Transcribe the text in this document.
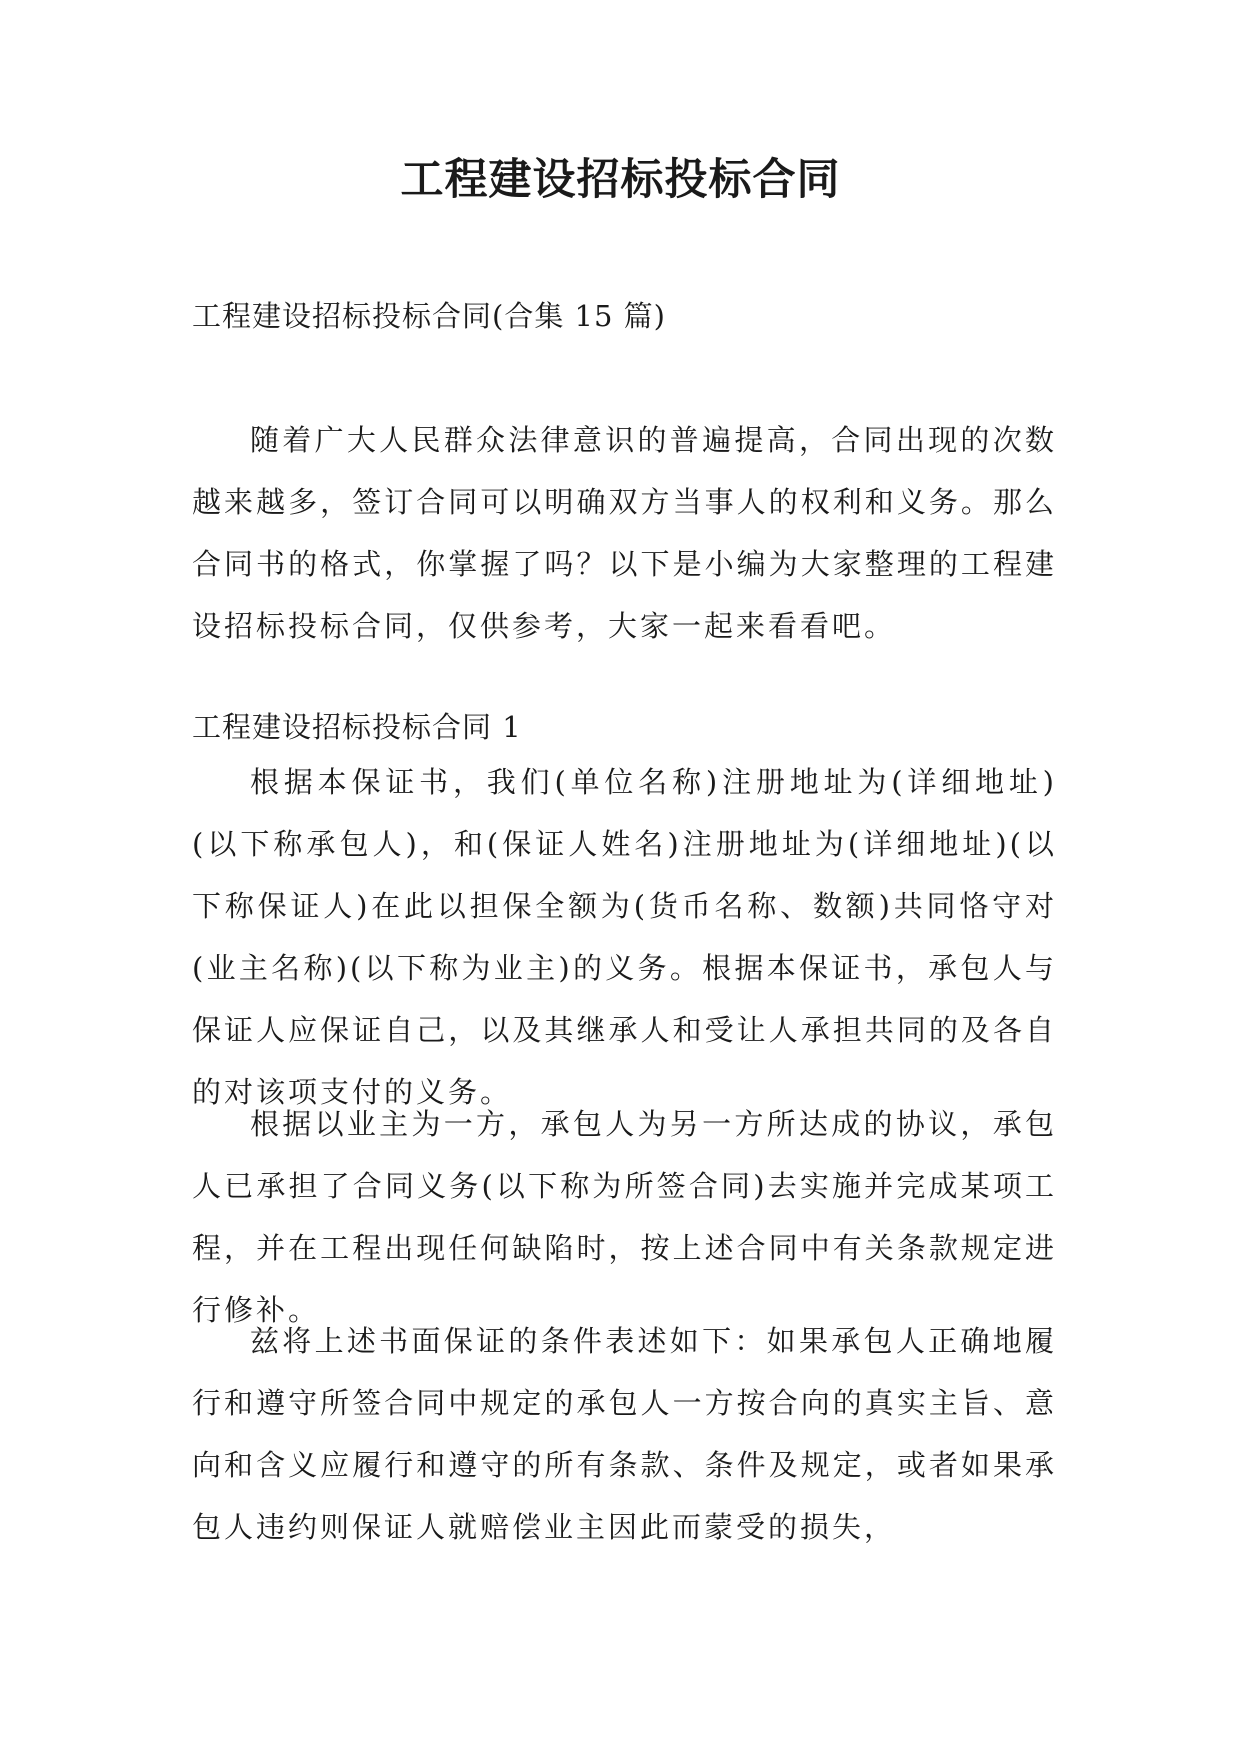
工程建设招标投标合同
工程建设招标投标合同(合集 15 篇)

随着广大人民群众法律意识的普遍提高，合同出现的次数越来越多，签订合同可以明确双方当事人的权利和义务。那么合同书的格式，你掌握了吗？以下是小编为大家整理的工程建设招标投标合同，仅供参考，大家一起来看看吧。

工程建设招标投标合同 1

根据本保证书，我们(单位名称)注册地址为(详细地址)(以下称承包人)，和(保证人姓名)注册地址为(详细地址)(以下称保证人)在此以担保全额为(货币名称、数额)共同恪守对(业主名称)(以下称为业主)的义务。根据本保证书，承包人与保证人应保证自己，以及其继承人和受让人承担共同的及各自的对该项支付的义务。

根据以业主为一方，承包人为另一方所达成的协议，承包人已承担了合同义务(以下称为所签合同)去实施并完成某项工程，并在工程出现任何缺陷时，按上述合同中有关条款规定进行修补。

兹将上述书面保证的条件表述如下：如果承包人正确地履行和遵守所签合同中规定的承包人一方按合向的真实主旨、意向和含义应履行和遵守的所有条款、条件及规定，或者如果承包人违约则保证人就赔偿业主因此而蒙受的损失，
